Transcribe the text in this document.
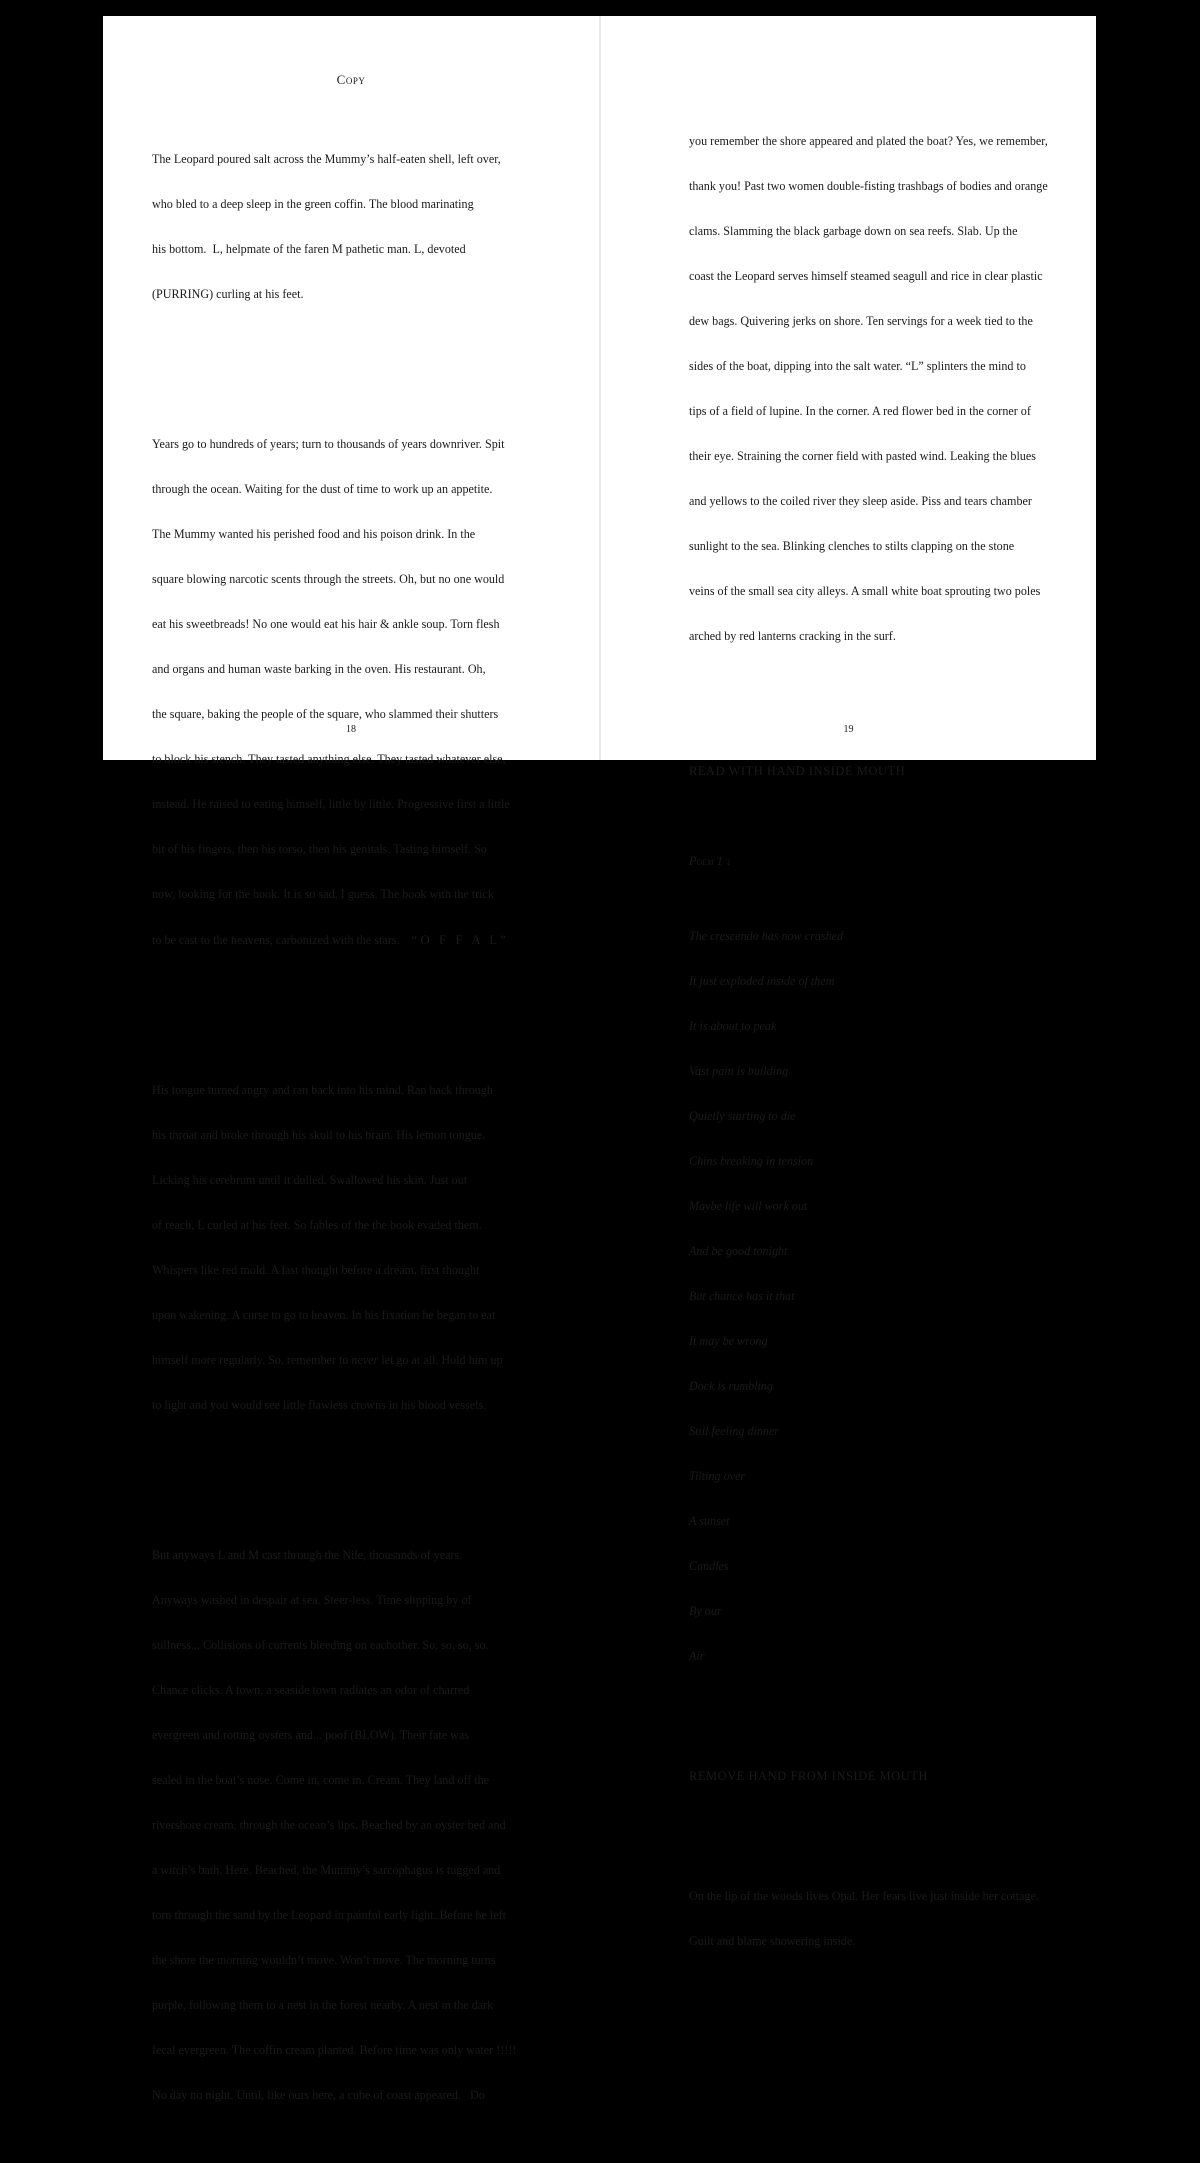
Copy

The Leopard poured salt across the Mummy’s half-eaten shell, left over,

who bled to a deep sleep in the green coffin. The blood marinating

his bottom.  L, helpmate of the faren M pathetic man. L, devoted

(PURRING) curling at his feet.

Years go to hundreds of years; turn to thousands of years downriver. Spit

through the ocean. Waiting for the dust of time to work up an appetite.

The Mummy wanted his perished food and his poison drink. In the

square blowing narcotic scents through the streets. Oh, but no one would

eat his sweetbreads! No one would eat his hair & ankle soup. Torn flesh

and organs and human waste barking in the oven. His restaurant. Oh,

the square, baking the people of the square, who slammed their shutters

to block his stench. They tasted anything else. They tasted whatever else,

instead. He raised to eating himself, little by little. Progressive first a little

bit of his fingers, then his torso, then his genitals. Tasting himself. So

now, looking for the book. It is so sad, I guess. The book with the trick

to be cast to the heavens, carbonized with the stars. “O F F A L”

His tongue turned angry and ran back into his mind. Ran back through

his throat and broke through his skull to his brain. His lemon tongue.

Licking his cerebrum until it dulled. Swallowed his skin. Just out

of reach, L curled at his feet. So fables of the the book evaded them.

Whispers like red mold. A last thought before a dream, first thought

upon wakening. A curse to go to heaven. In his fixation he began to eat

himself more regularly. So, remember to never let go at all. Hold him up

to light and you would see little flawless crowns in his blood vessels.

But anyways L and M cast through the Nile, thousands of years.

Anyways washed in despair at sea. Steer-less. Time slipping by of

stillness... Collisions of currents bleeding on eachother. So, so, so, so.

Chance clicks. A town, a seaside town radiates an odor of charred

evergreen and rotting oysters and... poof (BLOW). Their fate was

sealed in the boat’s nose. Come in, come in. Cream. They land off the

rivershore cream, through the ocean’s lips. Beached by an oyster bed and

a witch’s bath. Here. Beached, the Mummy’s sarcophagus is tugged and

torn through the sand by the Leopard in painful early light. Before he left

the shore the morning wouldn’t move. Won’t move. The morning turns

purple, following them to a nest in the forest nearby. A nest in the dark

fecal evergreen. The coffin cream planted. Before time was only water !!!!!

No day no night. Until, like ours here, a cube of coast appeared.   Do

18

you remember the shore appeared and plated the boat? Yes, we remember,

thank you! Past two women double-fisting trashbags of bodies and orange

clams. Slamming the black garbage down on sea reefs. Slab. Up the

coast the Leopard serves himself steamed seagull and rice in clear plastic

dew bags. Quivering jerks on shore. Ten servings for a week tied to the

sides of the boat, dipping into the salt water. “L” splinters the mind to

tips of a field of lupine. In the corner. A red flower bed in the corner of

their eye. Straining the corner field with pasted wind. Leaking the blues

and yellows to the coiled river they sleep aside. Piss and tears chamber

sunlight to the sea. Blinking clenches to stilts clapping on the stone

veins of the small sea city alleys. A small white boat sprouting two poles

arched by red lanterns cracking in the surf.

READ WITH HAND INSIDE MOUTH

Poem 1 ↓

The crescendo has now crashed

It just exploded inside of them

It is about to peak

Vast pain is building

Quietly starting to die

Chins breaking in tension

Maybe life will work out

And be good tonight

But chance has it that

It may be wrong

Dock is rumbling

Still feeling dinner

Tilting over

A sunset

Candles

By our

Air

REMOVE HAND FROM INSIDE MOUTH

On the lip of the woods lives Opal. Her fears live just inside her cottage.

Guilt and blame showering inside.

19
